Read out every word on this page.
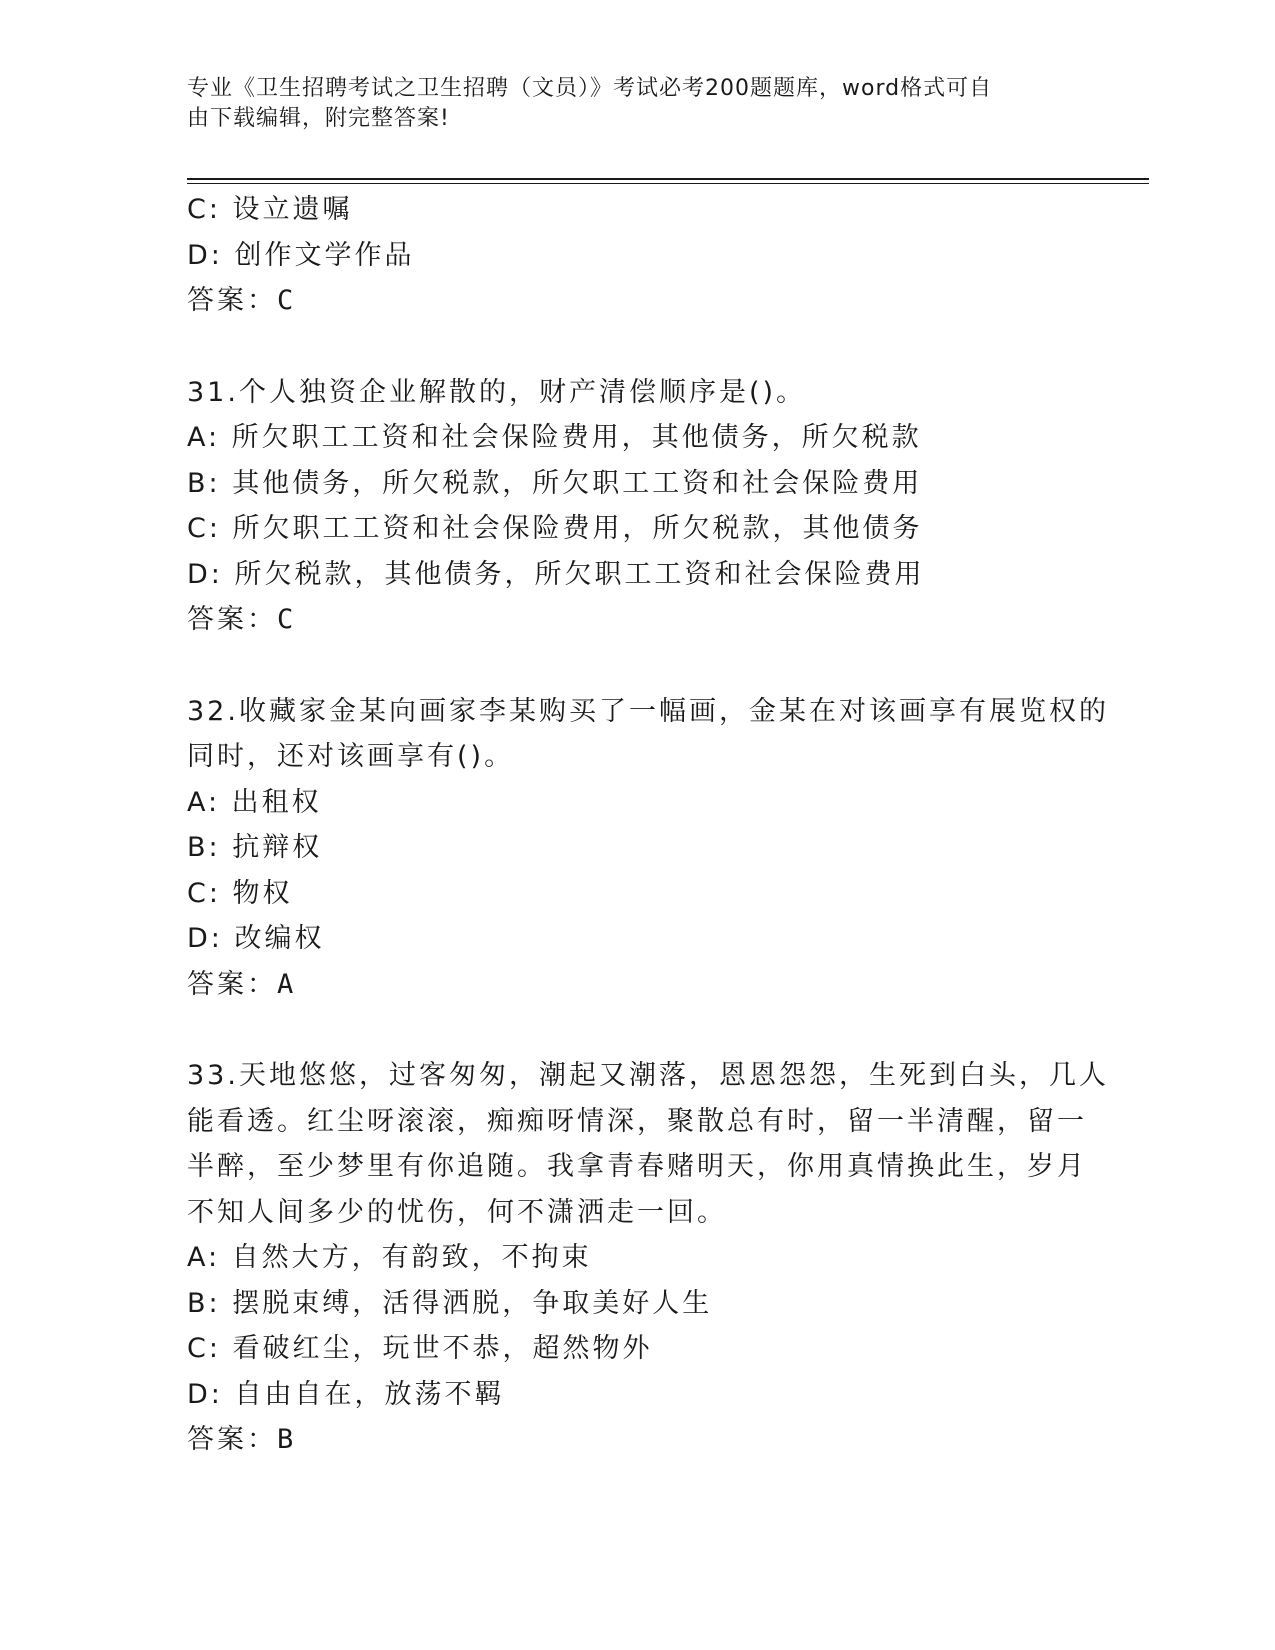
专业《卫生招聘考试之卫生招聘（文员）》考试必考200题题库，word格式可自
由下载编辑，附完整答案!
C: 设立遗嘱
D: 创作文学作品
答案：C
31.个人独资企业解散的，财产清偿顺序是()。
A: 所欠职工工资和社会保险费用，其他债务，所欠税款
B: 其他债务，所欠税款，所欠职工工资和社会保险费用
C: 所欠职工工资和社会保险费用，所欠税款，其他债务
D: 所欠税款，其他债务，所欠职工工资和社会保险费用
答案：C
32.收藏家金某向画家李某购买了一幅画，金某在对该画享有展览权的
同时，还对该画享有()。
A: 出租权
B: 抗辩权
C: 物权
D: 改编权
答案：A
33.天地悠悠，过客匆匆，潮起又潮落，恩恩怨怨，生死到白头，几人
能看透。红尘呀滚滚，痴痴呀情深，聚散总有时，留一半清醒，留一
半醉，至少梦里有你追随。我拿青春赌明天，你用真情换此生，岁月
不知人间多少的忧伤，何不潇洒走一回。
A: 自然大方，有韵致，不拘束
B: 摆脱束缚，活得洒脱，争取美好人生
C: 看破红尘，玩世不恭，超然物外
D: 自由自在，放荡不羁
答案：B
